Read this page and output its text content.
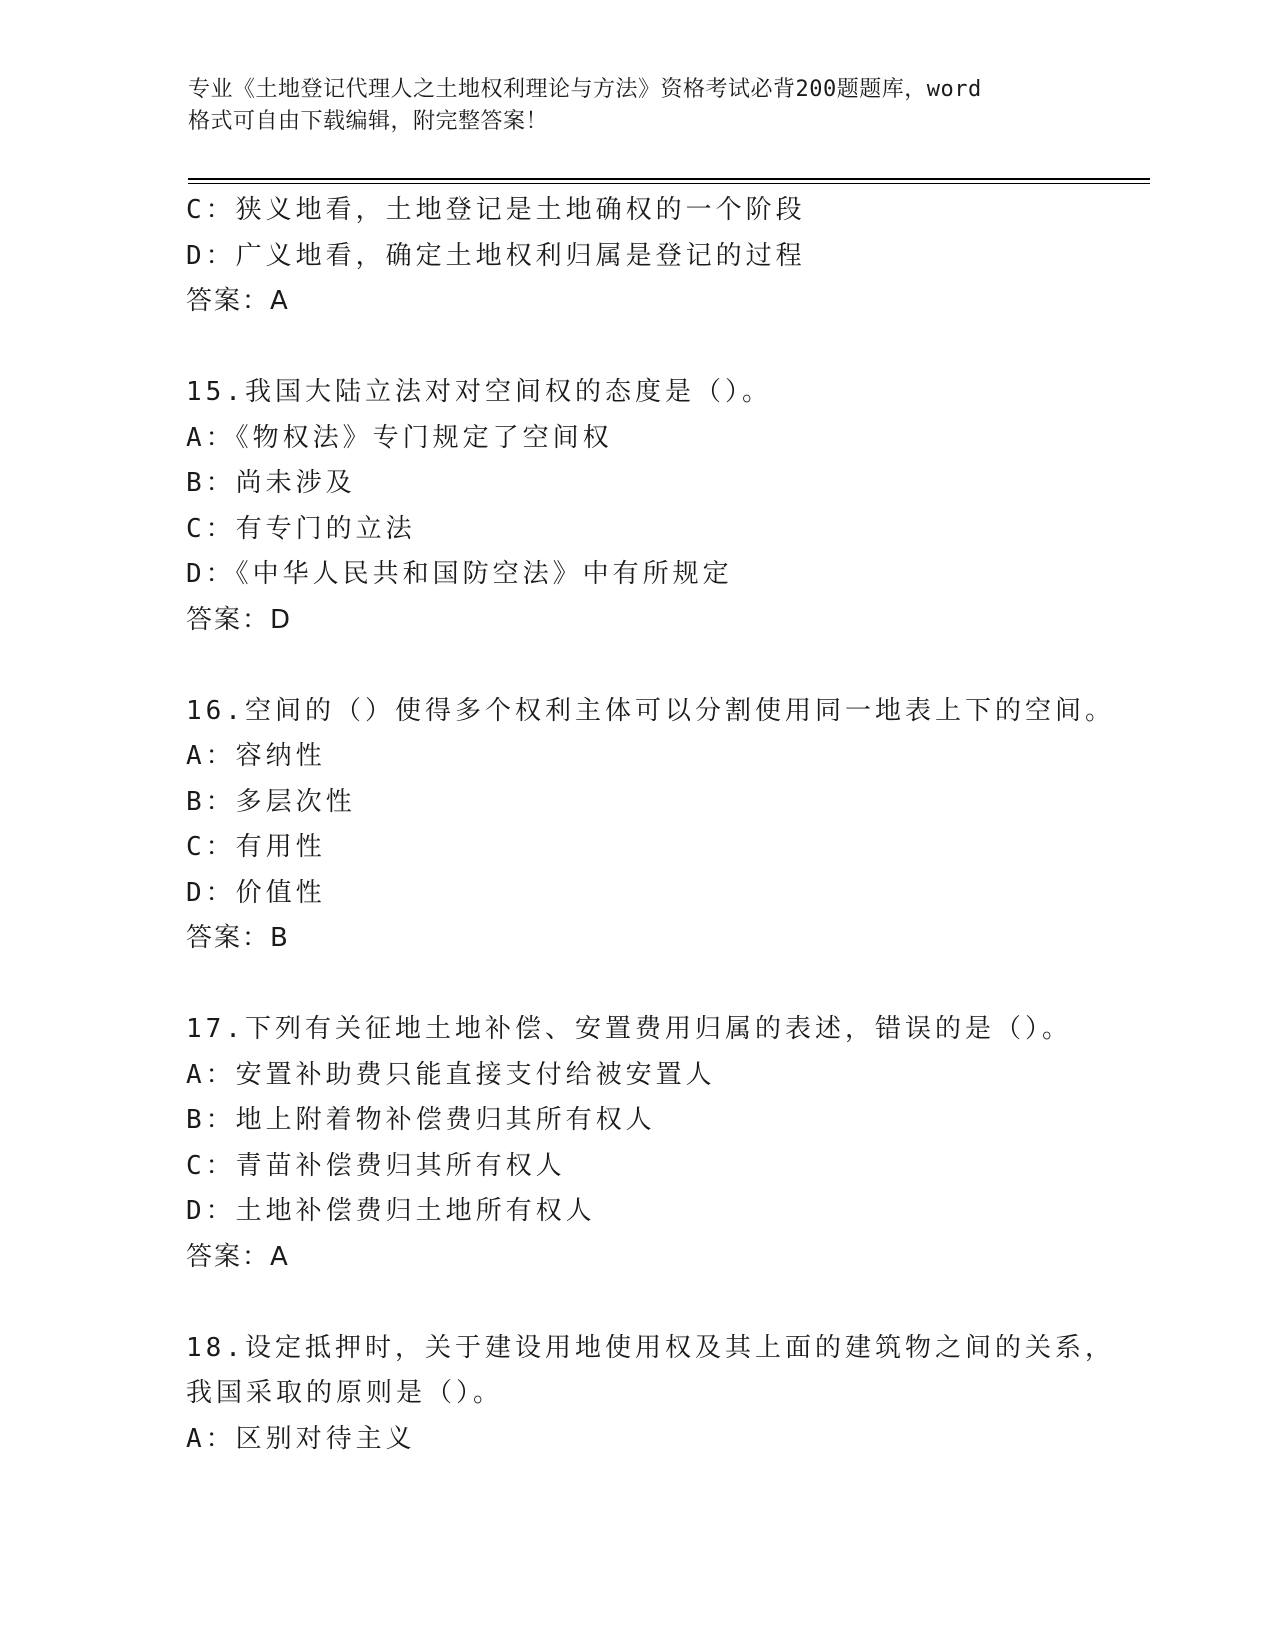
专业《土地登记代理人之土地权利理论与方法》资格考试必背200题题库，word
格式可自由下载编辑，附完整答案！
C：狭义地看，土地登记是土地确权的一个阶段
D：广义地看，确定土地权利归属是登记的过程
答案：A
15.我国大陆立法对对空间权的态度是（）。
A：《物权法》专门规定了空间权
B：尚未涉及
C：有专门的立法
D：《中华人民共和国防空法》中有所规定
答案：D
16.空间的（）使得多个权利主体可以分割使用同一地表上下的空间。
A：容纳性
B：多层次性
C：有用性
D：价值性
答案：B
17.下列有关征地土地补偿、安置费用归属的表述，错误的是（）。
A：安置补助费只能直接支付给被安置人
B：地上附着物补偿费归其所有权人
C：青苗补偿费归其所有权人
D：土地补偿费归土地所有权人
答案：A
18.设定抵押时，关于建设用地使用权及其上面的建筑物之间的关系，
我国采取的原则是（）。
A：区别对待主义
